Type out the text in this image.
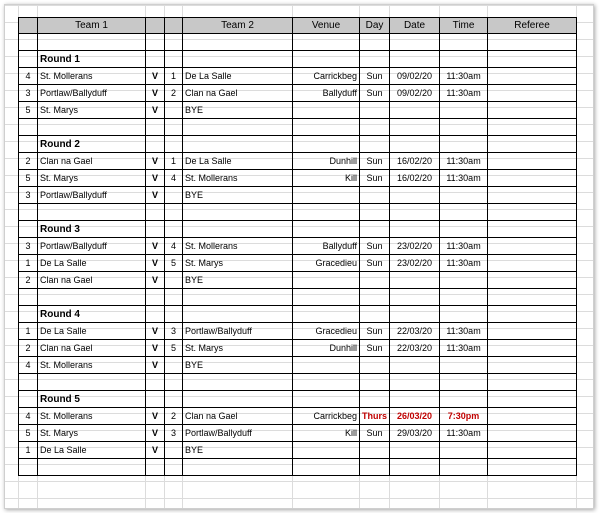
	Team 1			Team 2	Venue	Day	Date	Time	Referee

	Round 1								
4	St. Mollerans	V	1	De La Salle	Carrickbeg	Sun	09/02/20	11:30am	
3	Portlaw/Ballyduff	V	2	Clan na Gael	Ballyduff	Sun	09/02/20	11:30am	
5	St. Marys	V		BYE					

	Round 2								
2	Clan na Gael	V	1	De La Salle	Dunhill	Sun	16/02/20	11:30am	
5	St. Marys	V	4	St. Mollerans	Kill	Sun	16/02/20	11:30am	
3	Portlaw/Ballyduff	V		BYE					

	Round 3								
3	Portlaw/Ballyduff	V	4	St. Mollerans	Ballyduff	Sun	23/02/20	11:30am	
1	De La Salle	V	5	St. Marys	Gracedieu	Sun	23/02/20	11:30am	
2	Clan na Gael	V		BYE					

	Round 4								
1	De La Salle	V	3	Portlaw/Ballyduff	Gracedieu	Sun	22/03/20	11:30am	
2	Clan na Gael	V	5	St. Marys	Dunhill	Sun	22/03/20	11:30am	
4	St. Mollerans	V		BYE					

	Round 5								
4	St. Mollerans	V	2	Clan na Gael	Carrickbeg	Thurs	26/03/20	7:30pm	
5	St. Marys	V	3	Portlaw/Ballyduff	Kill	Sun	29/03/20	11:30am	
1	De La Salle	V		BYE					
